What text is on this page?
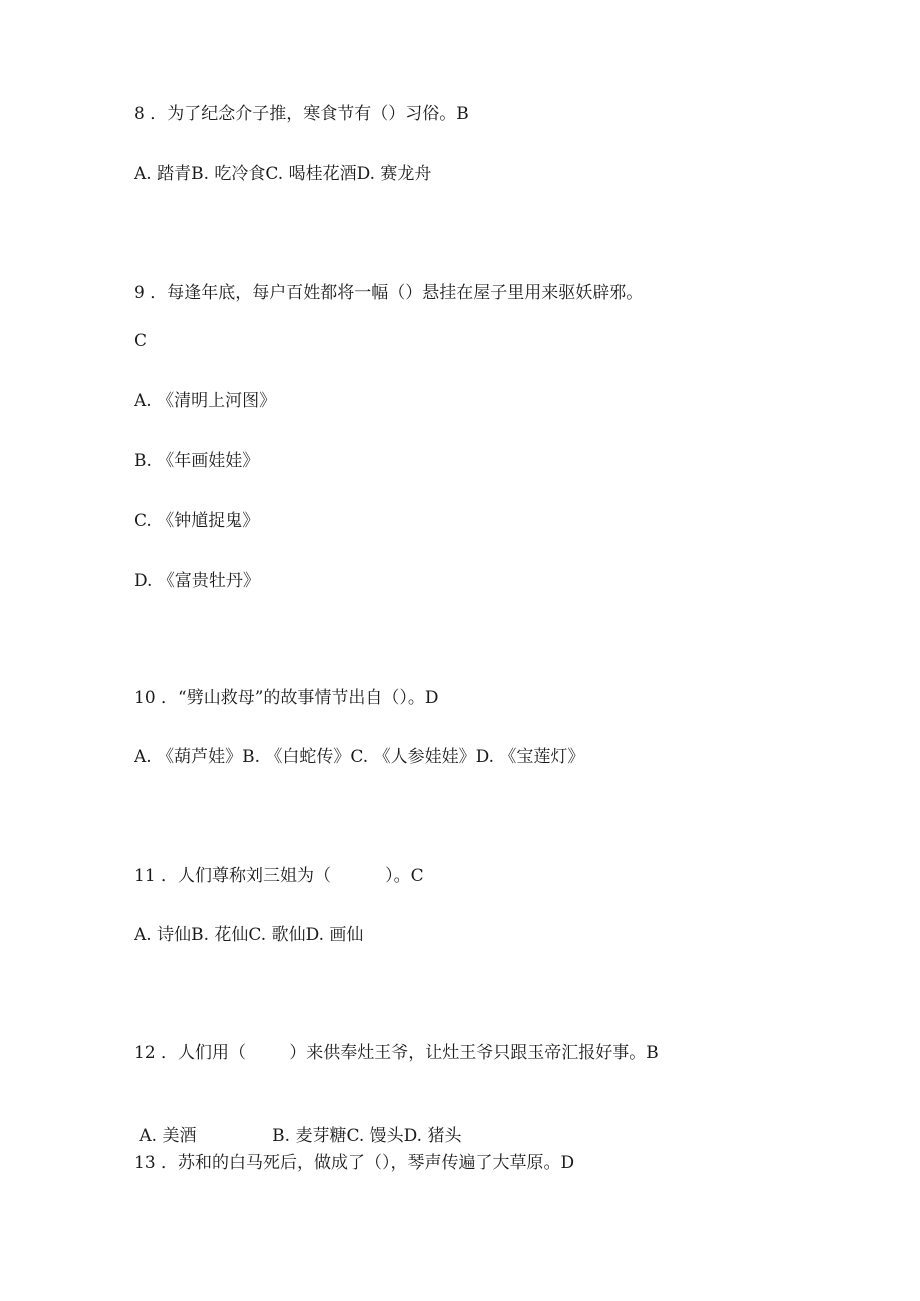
8 ．为了纪念介子推，寒食节有（）习俗。B

A. 踏青B. 吃冷食C. 喝桂花酒D. 赛龙舟

9 ．每逢年底，每户百姓都将一幅（）悬挂在屋子里用来驱妖辟邪。

C

A. 《清明上河图》

B. 《年画娃娃》

C. 《钟馗捉鬼》

D. 《富贵牡丹》

10 ．“劈山救母”的故事情节出自（）。D

A. 《葫芦娃》B. 《白蛇传》C. 《人参娃娃》D. 《宝莲灯》

11 ．人们尊称刘三姐为（          ）。C

A. 诗仙B. 花仙C. 歌仙D. 画仙

12 ．人们用（        ）来供奉灶王爷，让灶王爷只跟玉帝汇报好事。B

A. 美酒              B. 麦芽糖C. 馒头D. 猪头

13 ．苏和的白马死后，做成了（），琴声传遍了大草原。D
